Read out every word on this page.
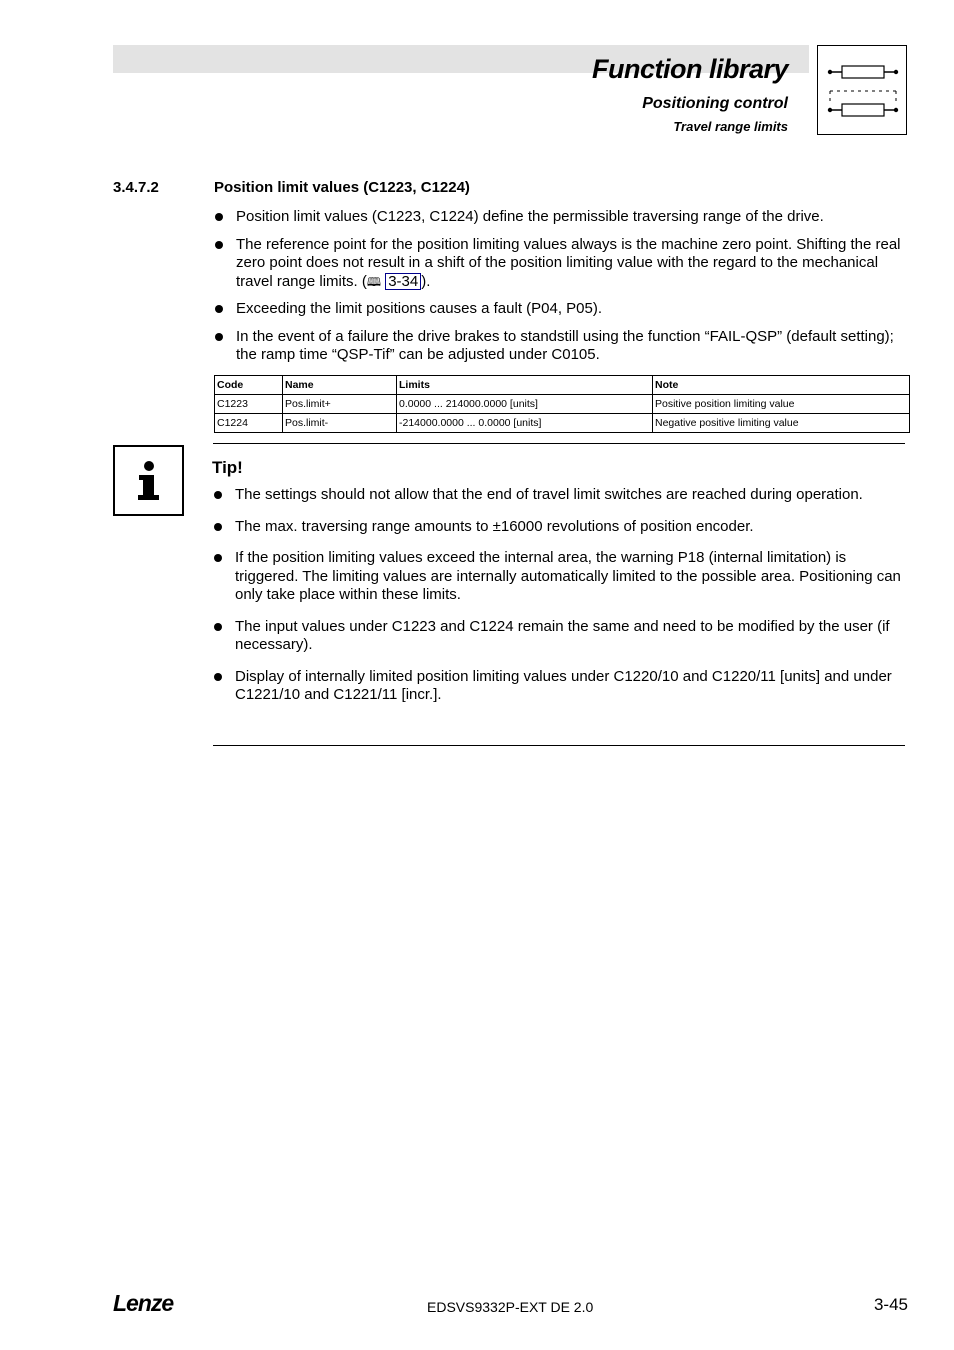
Function library
Positioning control
Travel range limits
3.4.7.2	Position limit values (C1223, C1224)
Position limit values (C1223, C1224) define the permissible traversing range of the drive.
The reference point for the position limiting values always is the machine zero point. Shifting the real zero point does not result in a shift of the position limiting value with the regard to the mechanical travel range limits. (🕮 3-34 ).
Exceeding the limit positions causes a fault (P04, P05).
In the event of a failure the drive brakes to standstill using the function “FAIL-QSP” (default setting); the ramp time “QSP-Tif” can be adjusted under C0105.
Code	Name	Limits	Note
C1223	Pos.limit+	0.0000 ... 214000.0000 [units]	Positive position limiting value
C1224	Pos.limit-	-214000.0000 ... 0.0000 [units]	Negative positive limiting value
Tip!
The settings should not allow that the end of travel limit switches are reached during operation.
The max. traversing range amounts to ±16000 revolutions of position encoder.
If the position limiting values exceed the internal area, the warning P18 (internal limitation) is triggered. The limiting values are internally automatically limited to the possible area. Positioning can only take place within these limits.
The input values under C1223 and C1224 remain the same and need to be modified by the user (if necessary).
Display of internally limited position limiting values under C1220/10 and C1220/11 [units] and under C1221/10 and C1221/11 [incr.].
Lenze	EDSVS9332P-EXT DE 2.0	3-45
